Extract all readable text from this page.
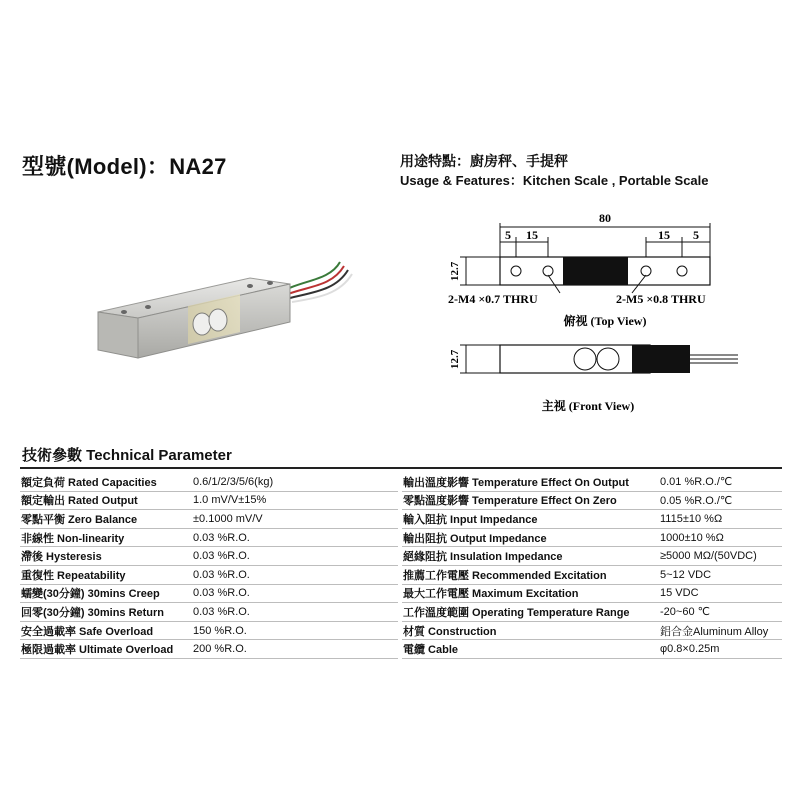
型號(Model)：NA27	用途特點：廚房秤、手提秤
Usage & Features：Kitchen Scale , Portable Scale
80
5 15	15 5
12.7
12.7
2-M4 ×0.7 THRU	2-M5 ×0.8 THRU
俯视 (Top View)
主视 (Front View)
技術參數 Technical Parameter
額定負荷 Rated Capacities	0.6/1/2/3/5/6(kg)
額定輸出 Rated Output	1.0 mV/V±15%
零點平衡 Zero Balance	±0.1000 mV/V
非線性 Non-linearity	0.03 %R.O.
滯後 Hysteresis	0.03 %R.O.
重復性 Repeatability	0.03 %R.O.
蠕變(30分鐘) 30mins Creep	0.03 %R.O.
回零(30分鐘) 30mins Return	0.03 %R.O.
安全過載率 Safe Overload	150 %R.O.
極限過載率 Ultimate Overload 200 %R.O.
輸出溫度影響 Temperature Effect On Output	0.01 %R.O./℃
零點溫度影響 Temperature Effect On Zero	0.05 %R.O./℃
輸入阻抗 Input Impedance	1115±10 %Ω
輸出阻抗 Output Impedance	1000±10 %Ω
絕緣阻抗 Insulation Impedance	≥5000 MΩ/(50VDC)
推薦工作電壓 Recommended Excitation	5~12 VDC
最大工作電壓 Maximum Excitation	15 VDC
工作溫度範圍 Operating Temperature Range	-20~60 ℃
材質 Construction	鋁合金Aluminum Alloy
電纜 Cable	φ0.8×0.25m
